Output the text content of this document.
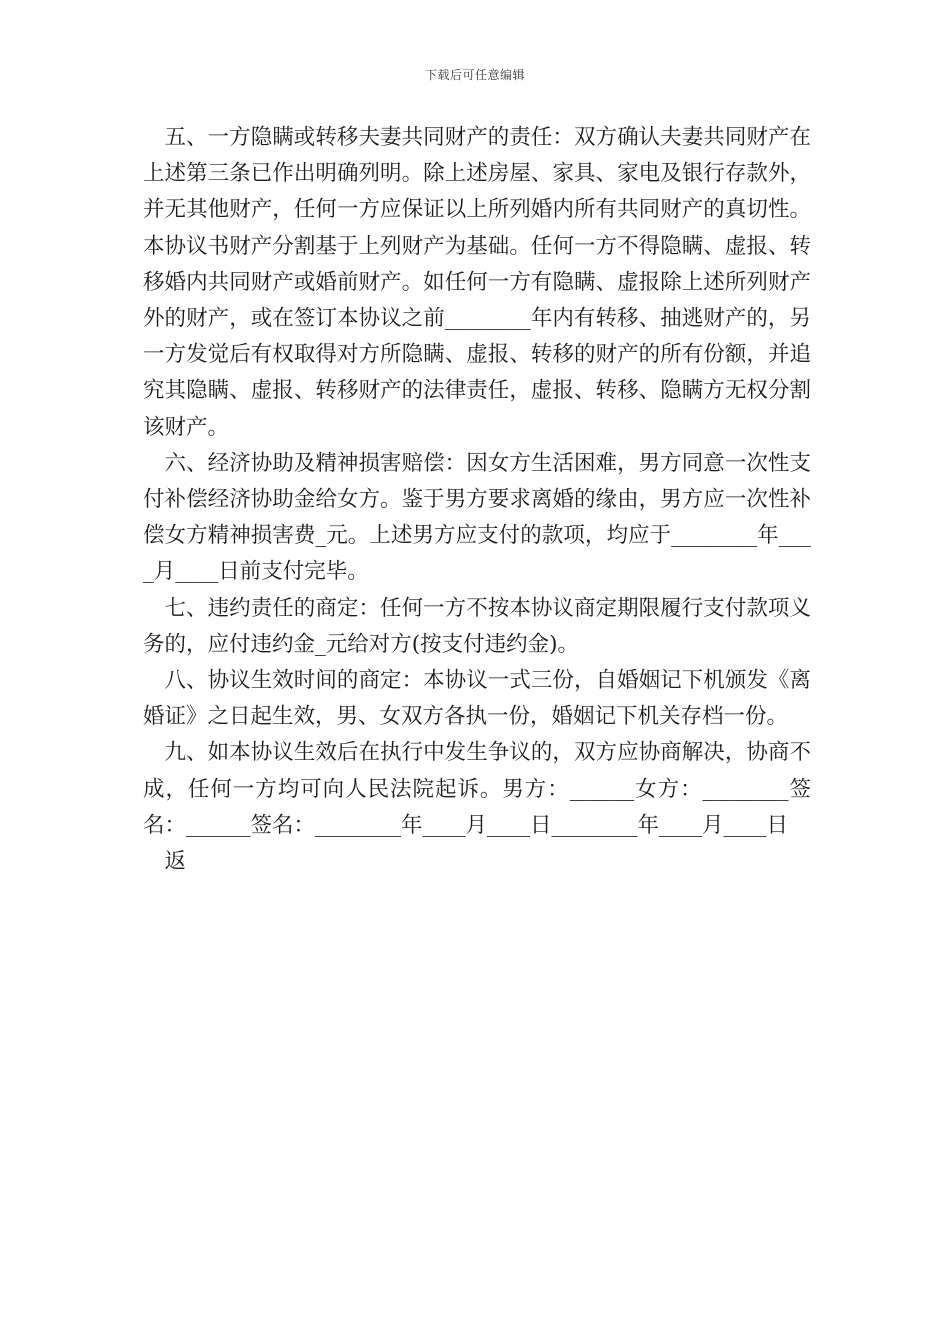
下载后可任意编辑

五、一方隐瞒或转移夫妻共同财产的责任：双方确认夫妻共同财产在上述第三条已作出明确列明。除上述房屋、家具、家电及银行存款外，并无其他财产，任何一方应保证以上所列婚内所有共同财产的真切性。本协议书财产分割基于上列财产为基础。任何一方不得隐瞒、虚报、转移婚内共同财产或婚前财产。如任何一方有隐瞒、虚报除上述所列财产外的财产，或在签订本协议之前________年内有转移、抽逃财产的，另一方发觉后有权取得对方所隐瞒、虚报、转移的财产的所有份额，并追究其隐瞒、虚报、转移财产的法律责任，虚报、转移、隐瞒方无权分割该财产。

六、经济协助及精神损害赔偿：因女方生活困难，男方同意一次性支付补偿经济协助金给女方。鉴于男方要求离婚的缘由，男方应一次性补偿女方精神损害费_元。上述男方应支付的款项，均应于________年____月____日前支付完毕。

七、违约责任的商定：任何一方不按本协议商定期限履行支付款项义务的，应付违约金_元给对方(按支付违约金)。

八、协议生效时间的商定：本协议一式三份，自婚姻记下机颁发《离婚证》之日起生效，男、女双方各执一份，婚姻记下机关存档一份。

九、如本协议生效后在执行中发生争议的，双方应协商解决，协商不成，任何一方均可向人民法院起诉。男方：______女方：________签名：______签名：________年____月____日________年____月____日

返
